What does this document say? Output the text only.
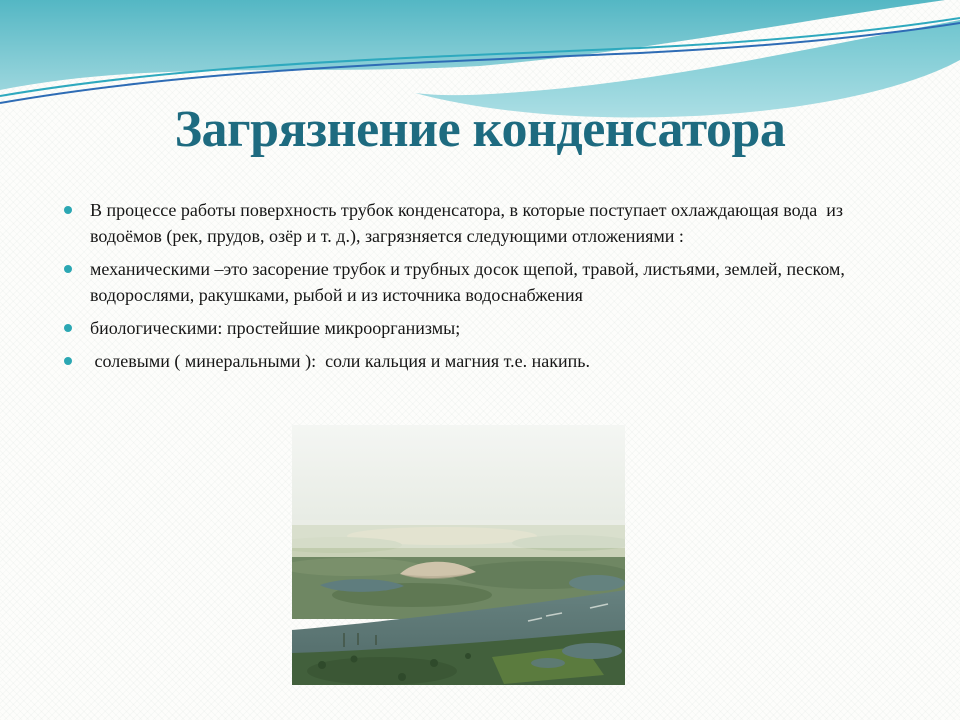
Загрязнение конденсатора
В процессе работы поверхность трубок конденсатора, в которые поступает охлаждающая вода  из водоёмов (рек, прудов, озёр и т. д.), загрязняется следующими отложениями :
механическими –это засорение трубок и трубных досок щепой, травой, листьями, землей, песком, водорослями, ракушками, рыбой и из источника водоснабжения
биологическими: простейшие микроорганизмы;
солевыми ( минеральными ):  соли кальция и магния т.е. накипь.
